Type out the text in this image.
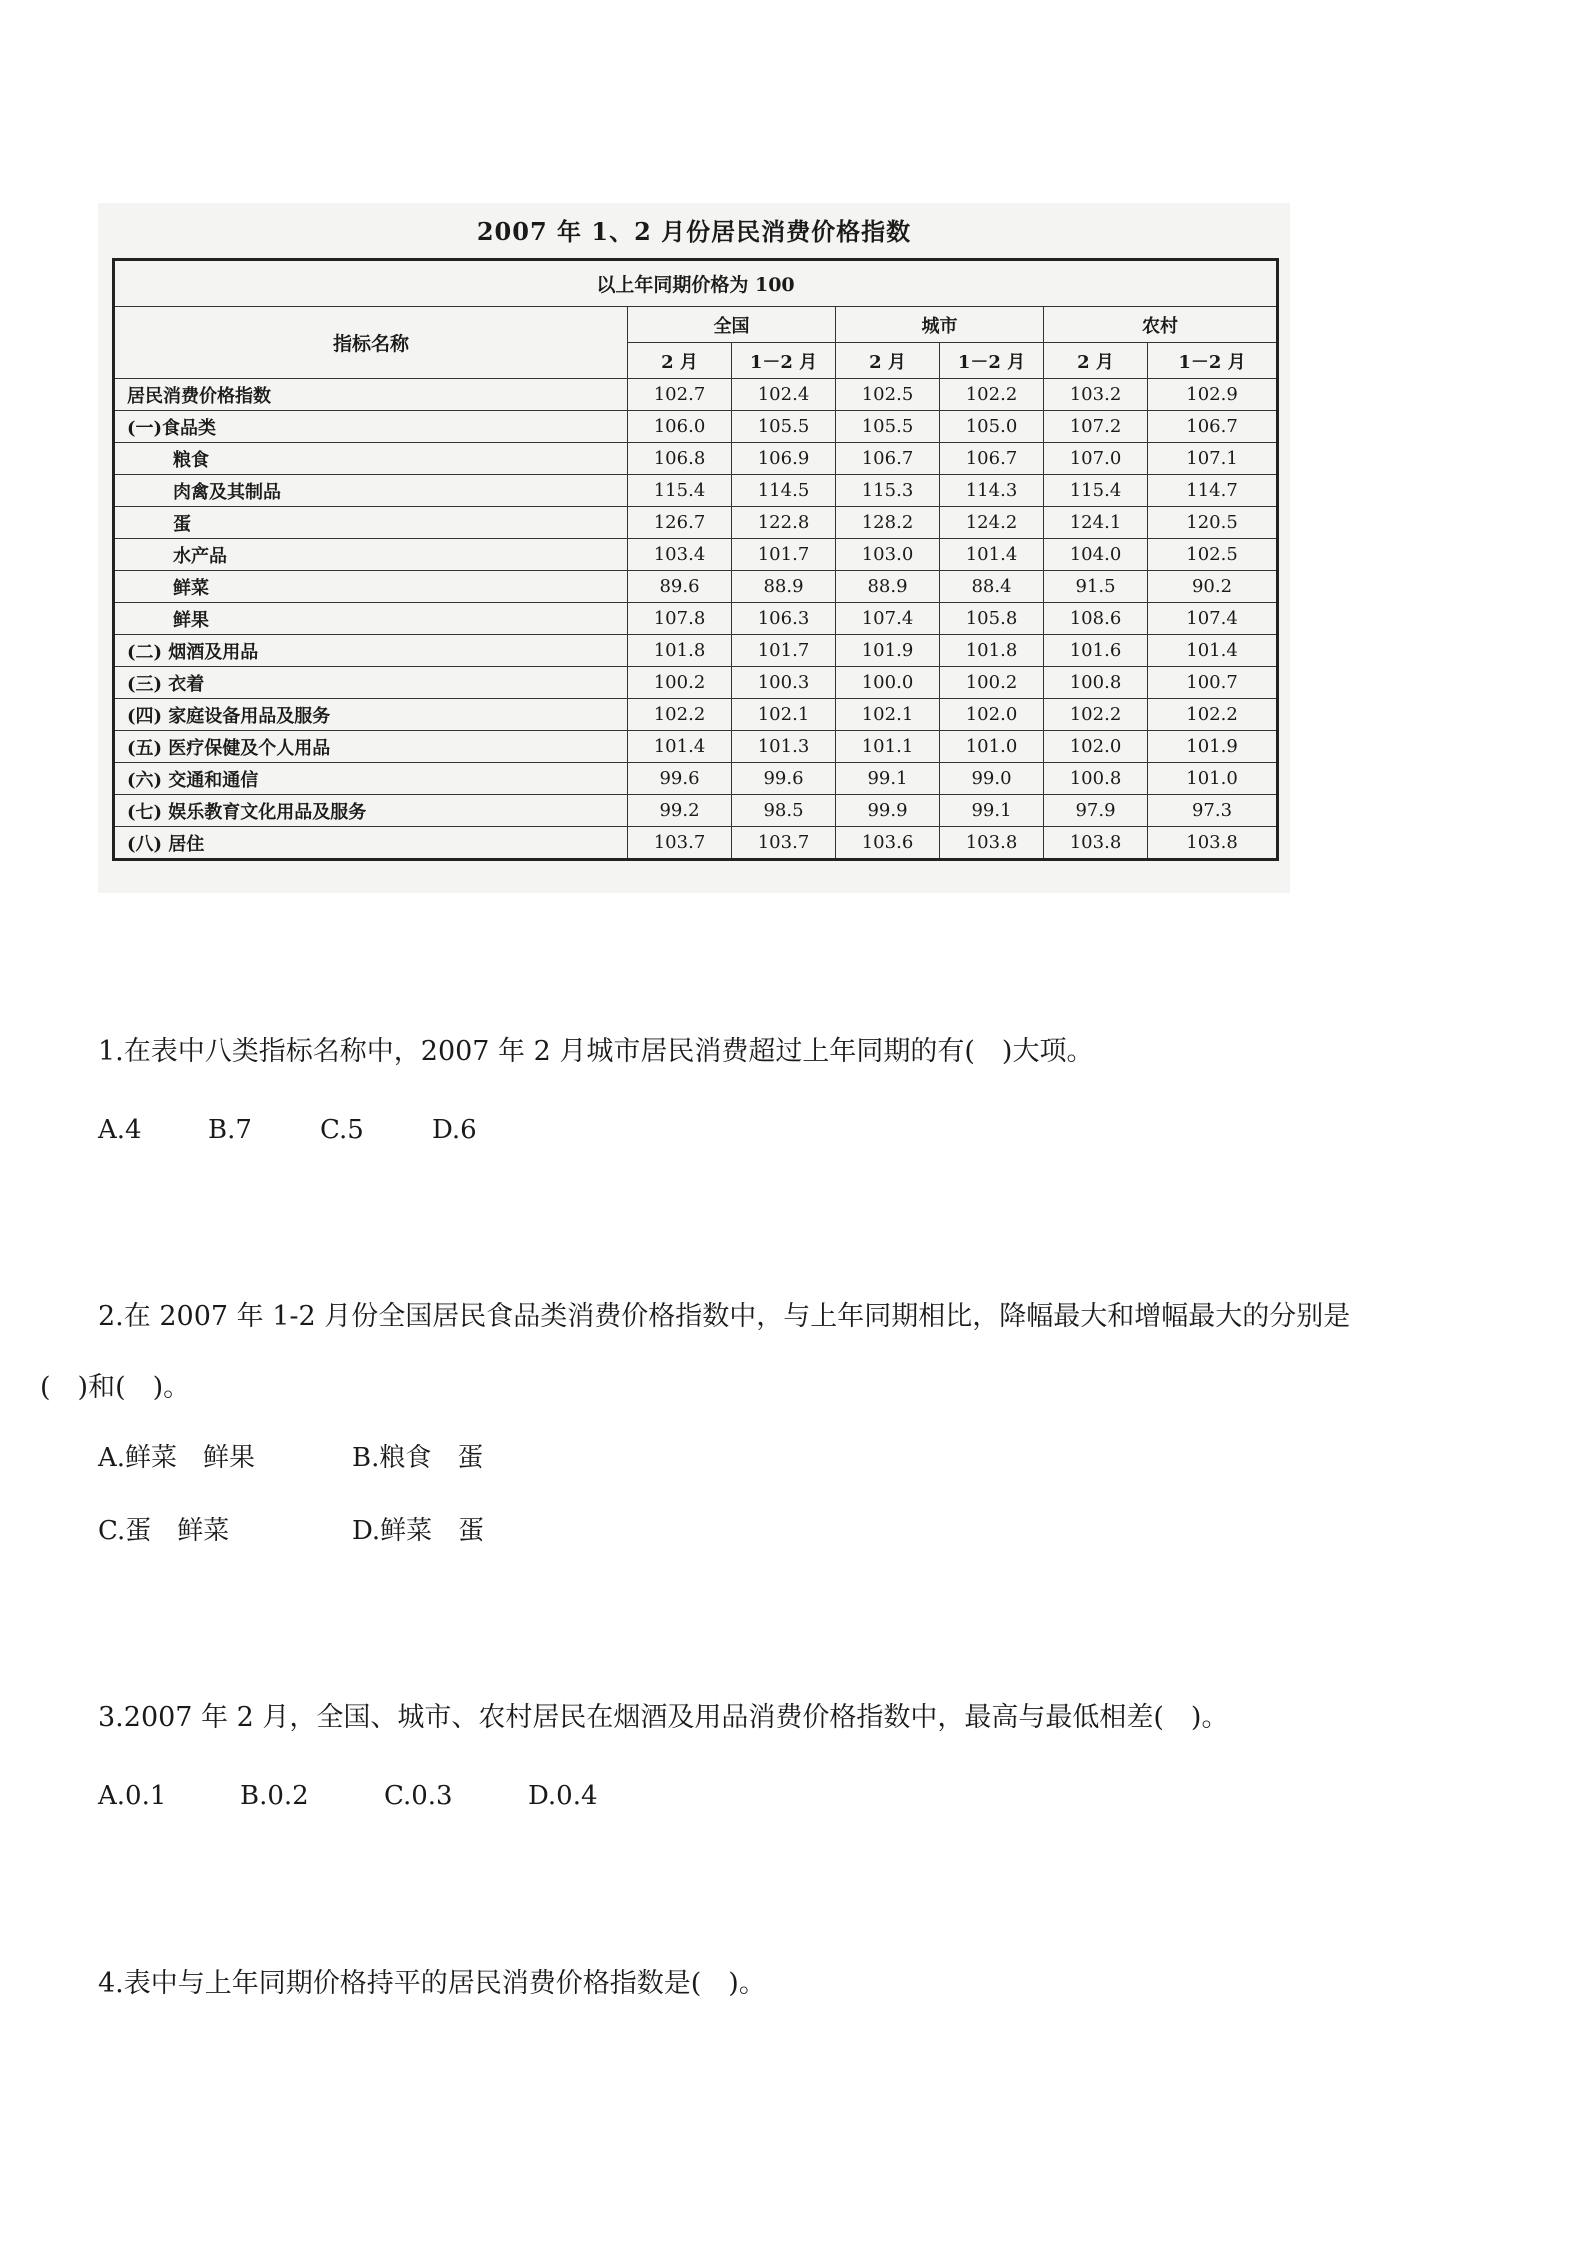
2007 年 1、2 月份居民消费价格指数
以上年同期价格为 100						
指标名称	全国		城市		农村	
	2 月	1－2 月	2 月	1－2 月	2 月	1－2 月
居民消费价格指数	102.7	102.4	102.5	102.2	103.2	102.9
(一)食品类	106.0	105.5	105.5	105.0	107.2	106.7
粮食	106.8	106.9	106.7	106.7	107.0	107.1
肉禽及其制品	115.4	114.5	115.3	114.3	115.4	114.7
蛋	126.7	122.8	128.2	124.2	124.1	120.5
水产品	103.4	101.7	103.0	101.4	104.0	102.5
鲜菜	89.6	88.9	88.9	88.4	91.5	90.2
鲜果	107.8	106.3	107.4	105.8	108.6	107.4
(二) 烟酒及用品	101.8	101.7	101.9	101.8	101.6	101.4
(三) 衣着	100.2	100.3	100.0	100.2	100.8	100.7
(四) 家庭设备用品及服务	102.2	102.1	102.1	102.0	102.2	102.2
(五) 医疗保健及个人用品	101.4	101.3	101.1	101.0	102.0	101.9
(六) 交通和通信	99.6	99.6	99.1	99.0	100.8	101.0
(七) 娱乐教育文化用品及服务	99.2	98.5	99.9	99.1	97.9	97.3
(八) 居住	103.7	103.7	103.6	103.8	103.8	103.8
1.在表中八类指标名称中，2007 年 2 月城市居民消费超过上年同期的有(　)大项。
A.4	B.7	C.5	D.6
2.在 2007 年 1-2 月份全国居民食品类消费价格指数中，与上年同期相比，降幅最大和增幅最大的分别是
(　)和(　)。
A.鲜菜　鲜果	B.粮食　蛋
C.蛋　鲜菜	D.鲜菜　蛋
3.2007 年 2 月，全国、城市、农村居民在烟酒及用品消费价格指数中，最高与最低相差(　)。
A.0.1	B.0.2	C.0.3	D.0.4
4.表中与上年同期价格持平的居民消费价格指数是(　)。
